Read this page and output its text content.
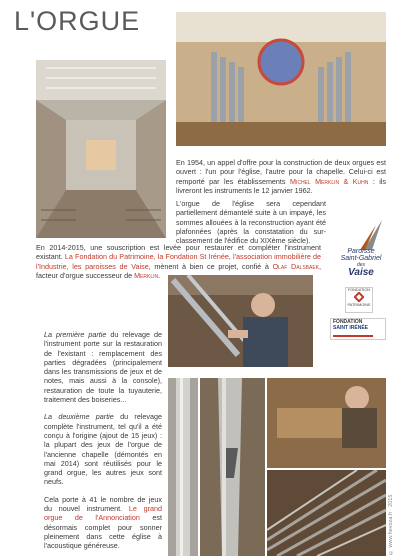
L'ORGUE

En 1954, un appel d'offre pour la construction de deux orgues est ouvert : l'un pour l'église, l'autre pour la chapelle. Celui-ci est remporté par les établissements Michel Merklin & Kuhn : ils livreront les instruments le 12 janvier 1962.

L'orgue de l'église sera cependant partiellement démantelé suite à un impayé, les sommes allouées à la reconstruction ayant été plafonnées (après la constatation du sur-classement de l'édifice du XIXème siècle).

Paroisse
Saint-Gabriel
des
Vaise
En 2014-2015, une souscription est levée pour restaurer et compléter l'instrument existant. La Fondation du Patrimoine, la Fondation St Irénée, l'association immobilière de l'Industrie, les paroisses de Vaise, mènent à bien ce projet, confié à Olaf Dalsbaek, facteur d'orgue successeur de Merklin.
FONDATION
PATRIMOINE
FONDATION
SAINT IRÉNÉE

La première partie du relevage de l'instrument porte sur la restauration de l'existant : remplacement des parties dégradées (principalement dans les transmissions de jeux et de notes, mais aussi à la console), restauration de toute la tuyauterie, traitement des boiseries...

La deuxième partie du relevage complète l'instrument, tel qu'il a été conçu à l'origine (ajout de 15 jeux) : la plupart des jeux de l'orgue de l'ancienne chapelle (démontés en mai 2014) sont réutilisés pour le grand orgue, les autres jeux sont neufs.

Cela porte à 41 le nombre de jeux du nouvel instrument. Le grand orgue de l'Annonciation est désormais complet pour sonner pleinement dans cette église à l'acoustique généreuse.	© www.hevoza.fr · 2015
